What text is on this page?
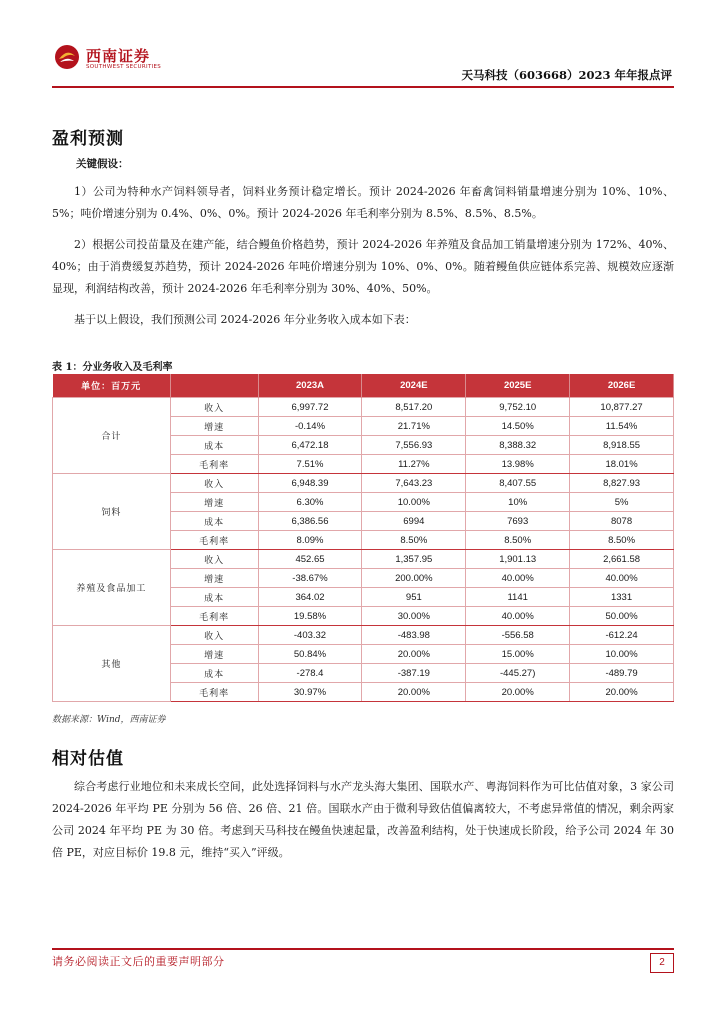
西南证券
SOUTHWEST SECURITIES
天马科技（603668）2023 年年报点评
盈利预测
关键假设：

1）公司为特种水产饲料领导者，饲料业务预计稳定增长。预计 2024-2026 年畜禽饲料销量增速分别为 10%、10%、5%；吨价增速分别为 0.4%、0%、0%。预计 2024-2026 年毛利率分别为 8.5%、8.5%、8.5%。

2）根据公司投苗量及在建产能，结合鳗鱼价格趋势，预计 2024-2026 年养殖及食品加工销量增速分别为 172%、40%、40%；由于消费缓复苏趋势，预计 2024-2026 年吨价增速分别为 10%、0%、0%。随着鳗鱼供应链体系完善、规模效应逐渐显现，利润结构改善，预计 2024-2026 年毛利率分别为 30%、40%、50%。

基于以上假设，我们预测公司 2024-2026 年分业务收入成本如下表：

表 1：分业务收入及毛利率
单位：百万元		2023A	2024E	2025E	2026E
合计	收入	6,997.72	8,517.20	9,752.10	10,877.27
	增速	-0.14%	21.71%	14.50%	11.54%
	成本	6,472.18	7,556.93	8,388.32	8,918.55
	毛利率	7.51%	11.27%	13.98%	18.01%
饲料	收入	6,948.39	7,643.23	8,407.55	8,827.93
	增速	6.30%	10.00%	10%	5%
	成本	6,386.56	6994	7693	8078
	毛利率	8.09%	8.50%	8.50%	8.50%
养殖及食品加工	收入	452.65	1,357.95	1,901.13	2,661.58
	增速	-38.67%	200.00%	40.00%	40.00%
	成本	364.02	951	1141	1331
	毛利率	19.58%	30.00%	40.00%	50.00%
其他	收入	-403.32	-483.98	-556.58	-612.24
	增速	50.84%	20.00%	15.00%	10.00%
	成本	-278.4	-387.19	-445.27)	-489.79
	毛利率	30.97%	20.00%	20.00%	20.00%
数据来源：Wind，西南证券
相对估值

综合考虑行业地位和未来成长空间，此处选择饲料与水产龙头海大集团、国联水产、粤海饲料作为可比估值对象，3 家公司 2024-2026 年平均 PE 分别为 56 倍、26 倍、21 倍。国联水产由于微利导致估值偏离较大，不考虑异常值的情况，剩余两家公司 2024 年平均 PE 为 30 倍。考虑到天马科技在鳗鱼快速起量，改善盈利结构，处于快速成长阶段，给予公司 2024 年 30 倍 PE，对应目标价 19.8 元，维持“买入”评级。

请务必阅读正文后的重要声明部分	2
